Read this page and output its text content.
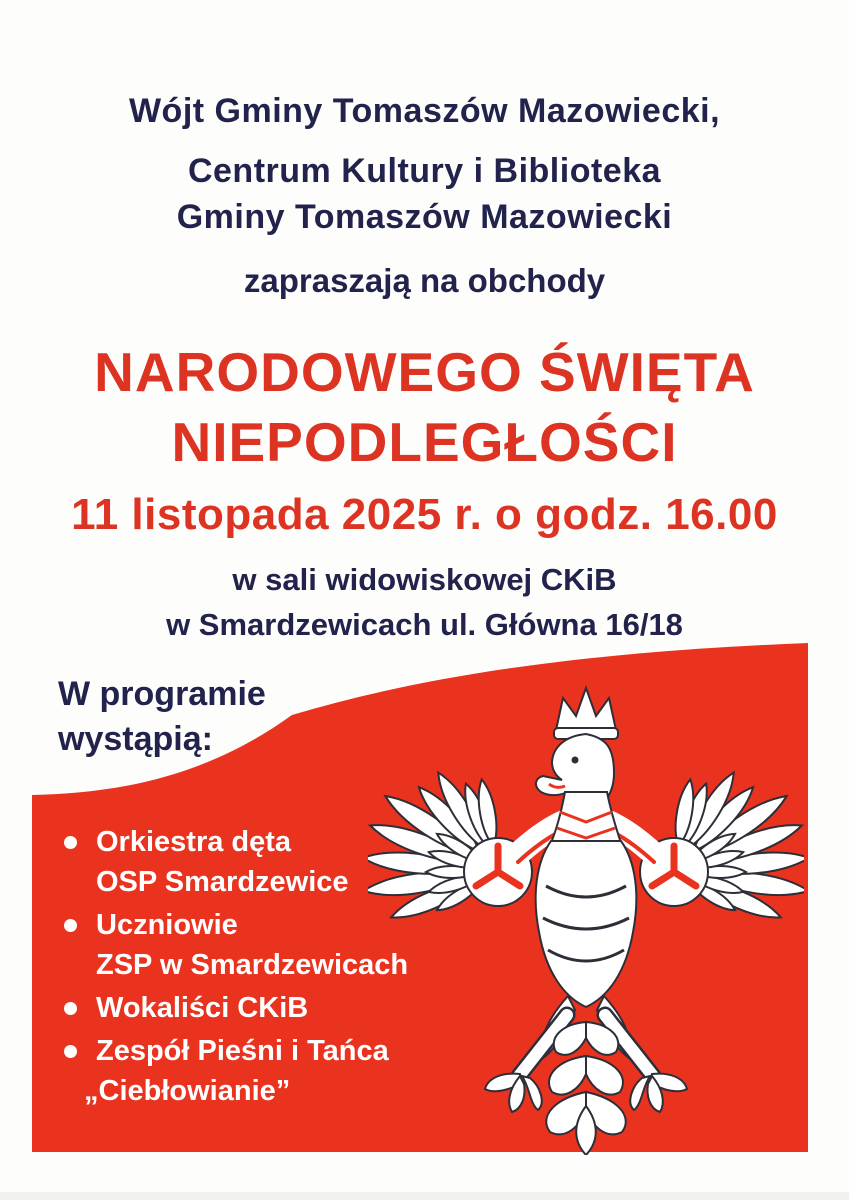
Wójt Gminy Tomaszów Mazowiecki,
Centrum Kultury i Biblioteka
Gminy Tomaszów Mazowiecki
zapraszają na obchody
NARODOWEGO ŚWIĘTA
NIEPODLEGŁOŚCI
11 listopada 2025 r. o godz. 16.00
w sali widowiskowej CKiB
w Smardzewicach ul. Główna 16/18
W programie
wystąpią:
Orkiestra dęta
OSP Smardzewice
Uczniowie
ZSP w Smardzewicach
Wokaliści CKiB
Zespół Pieśni i Tańca
„Ciebłowianie”
